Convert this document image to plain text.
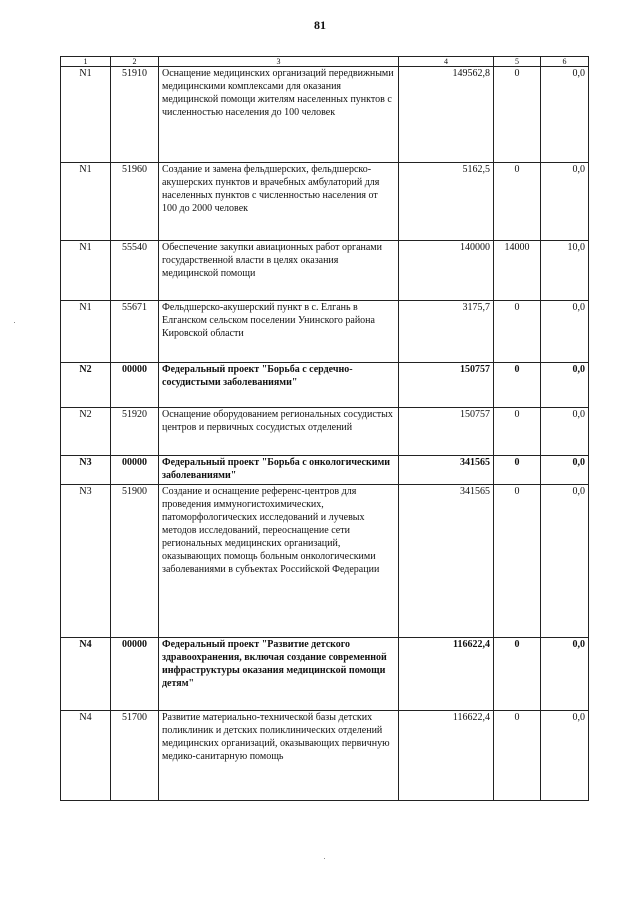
81
1	2	3	4	5	6
N1	51910	Оснащение медицинских организаций передвижными медицинскими комплексами для оказания медицинской помощи жителям населенных пунктов с численностью населения до 100 человек	149562,8	0	0,0
N1	51960	Создание и замена фельдшерских, фельдшерско-акушерских пунктов и врачебных амбулаторий для населенных пунктов с численностью населения от 100 до 2000 человек	5162,5	0	0,0
N1	55540	Обеспечение закупки авиационных работ органами государственной власти в целях оказания медицинской помощи	140000	14000	10,0
N1	55671	Фельдшерско-акушерский пункт в с. Елгань в Елганском сельском поселении Унинского района Кировской области	3175,7	0	0,0
N2	00000	Федеральный проект "Борьба с сердечно-сосудистыми заболеваниями"	150757	0	0,0
N2	51920	Оснащение оборудованием региональных сосудистых центров и первичных сосудистых отделений	150757	0	0,0
N3	00000	Федеральный проект "Борьба с онкологическими заболеваниями"	341565	0	0,0
N3	51900	Создание и оснащение референс-центров для проведения иммуногистохимических, патоморфологических исследований и лучевых методов исследований, переоснащение сети региональных медицинских организаций, оказывающих помощь больным онкологическими заболеваниями в субъектах Российской Федерации	341565	0	0,0
N4	00000	Федеральный проект "Развитие детского здравоохранения, включая создание современной инфраструктуры оказания медицинской помощи детям"	116622,4	0	0,0
N4	51700	Развитие материально-технической базы детских поликлиник и детских поликлинических отделений медицинских организаций, оказывающих первичную медико-санитарную помощь	116622,4	0	0,0
